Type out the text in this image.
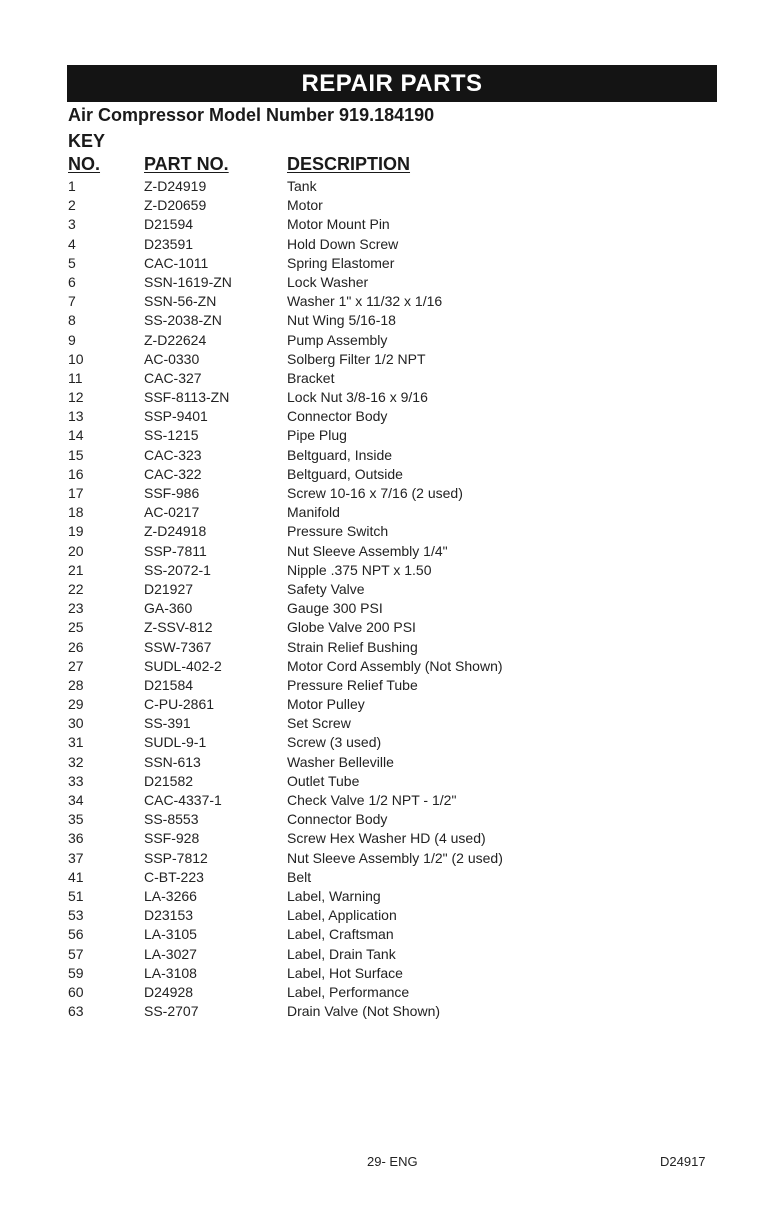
REPAIR PARTS
Air Compressor Model Number 919.184190
KEY
NO. PART NO.	DESCRIPTION
1	Z-D24919	Tank
2	Z-D20659	Motor
3	D21594	Motor Mount Pin
4	D23591	Hold Down Screw
5	CAC-1011	Spring Elastomer
6	SSN-1619-ZN	Lock Washer
7	SSN-56-ZN	Washer 1" x 11/32 x 1/16
8	SS-2038-ZN	Nut Wing 5/16-18
9	Z-D22624	Pump Assembly
10	AC-0330	Solberg Filter 1/2 NPT
11	CAC-327	Bracket
12	SSF-8113-ZN	Lock Nut 3/8-16 x 9/16
13	SSP-9401	Connector Body
14	SS-1215	Pipe Plug
15	CAC-323	Beltguard, Inside
16	CAC-322	Beltguard, Outside
17	SSF-986	Screw 10-16 x 7/16 (2 used)
18	AC-0217	Manifold
19	Z-D24918	Pressure Switch
20	SSP-7811	Nut Sleeve Assembly 1/4"
21	SS-2072-1	Nipple .375 NPT x 1.50
22	D21927	Safety Valve
23	GA-360	Gauge 300 PSI
25	Z-SSV-812	Globe Valve 200 PSI
26	SSW-7367	Strain Relief Bushing
27	SUDL-402-2	Motor Cord Assembly (Not Shown)
28	D21584	Pressure Relief Tube
29	C-PU-2861	Motor Pulley
30	SS-391	Set Screw
31	SUDL-9-1	Screw (3 used)
32	SSN-613	Washer Belleville
33	D21582	Outlet Tube
34	CAC-4337-1	Check Valve 1/2 NPT - 1/2"
35	SS-8553	Connector Body
36	SSF-928	Screw Hex Washer HD (4 used)
37	SSP-7812	Nut Sleeve Assembly 1/2" (2 used)
41	C-BT-223	Belt
51	LA-3266	Label, Warning
53	D23153	Label, Application
56	LA-3105	Label, Craftsman
57	LA-3027	Label, Drain Tank
59	LA-3108	Label, Hot Surface
60	D24928	Label, Performance
63	SS-2707	Drain Valve (Not Shown)
29- ENG	D24917
